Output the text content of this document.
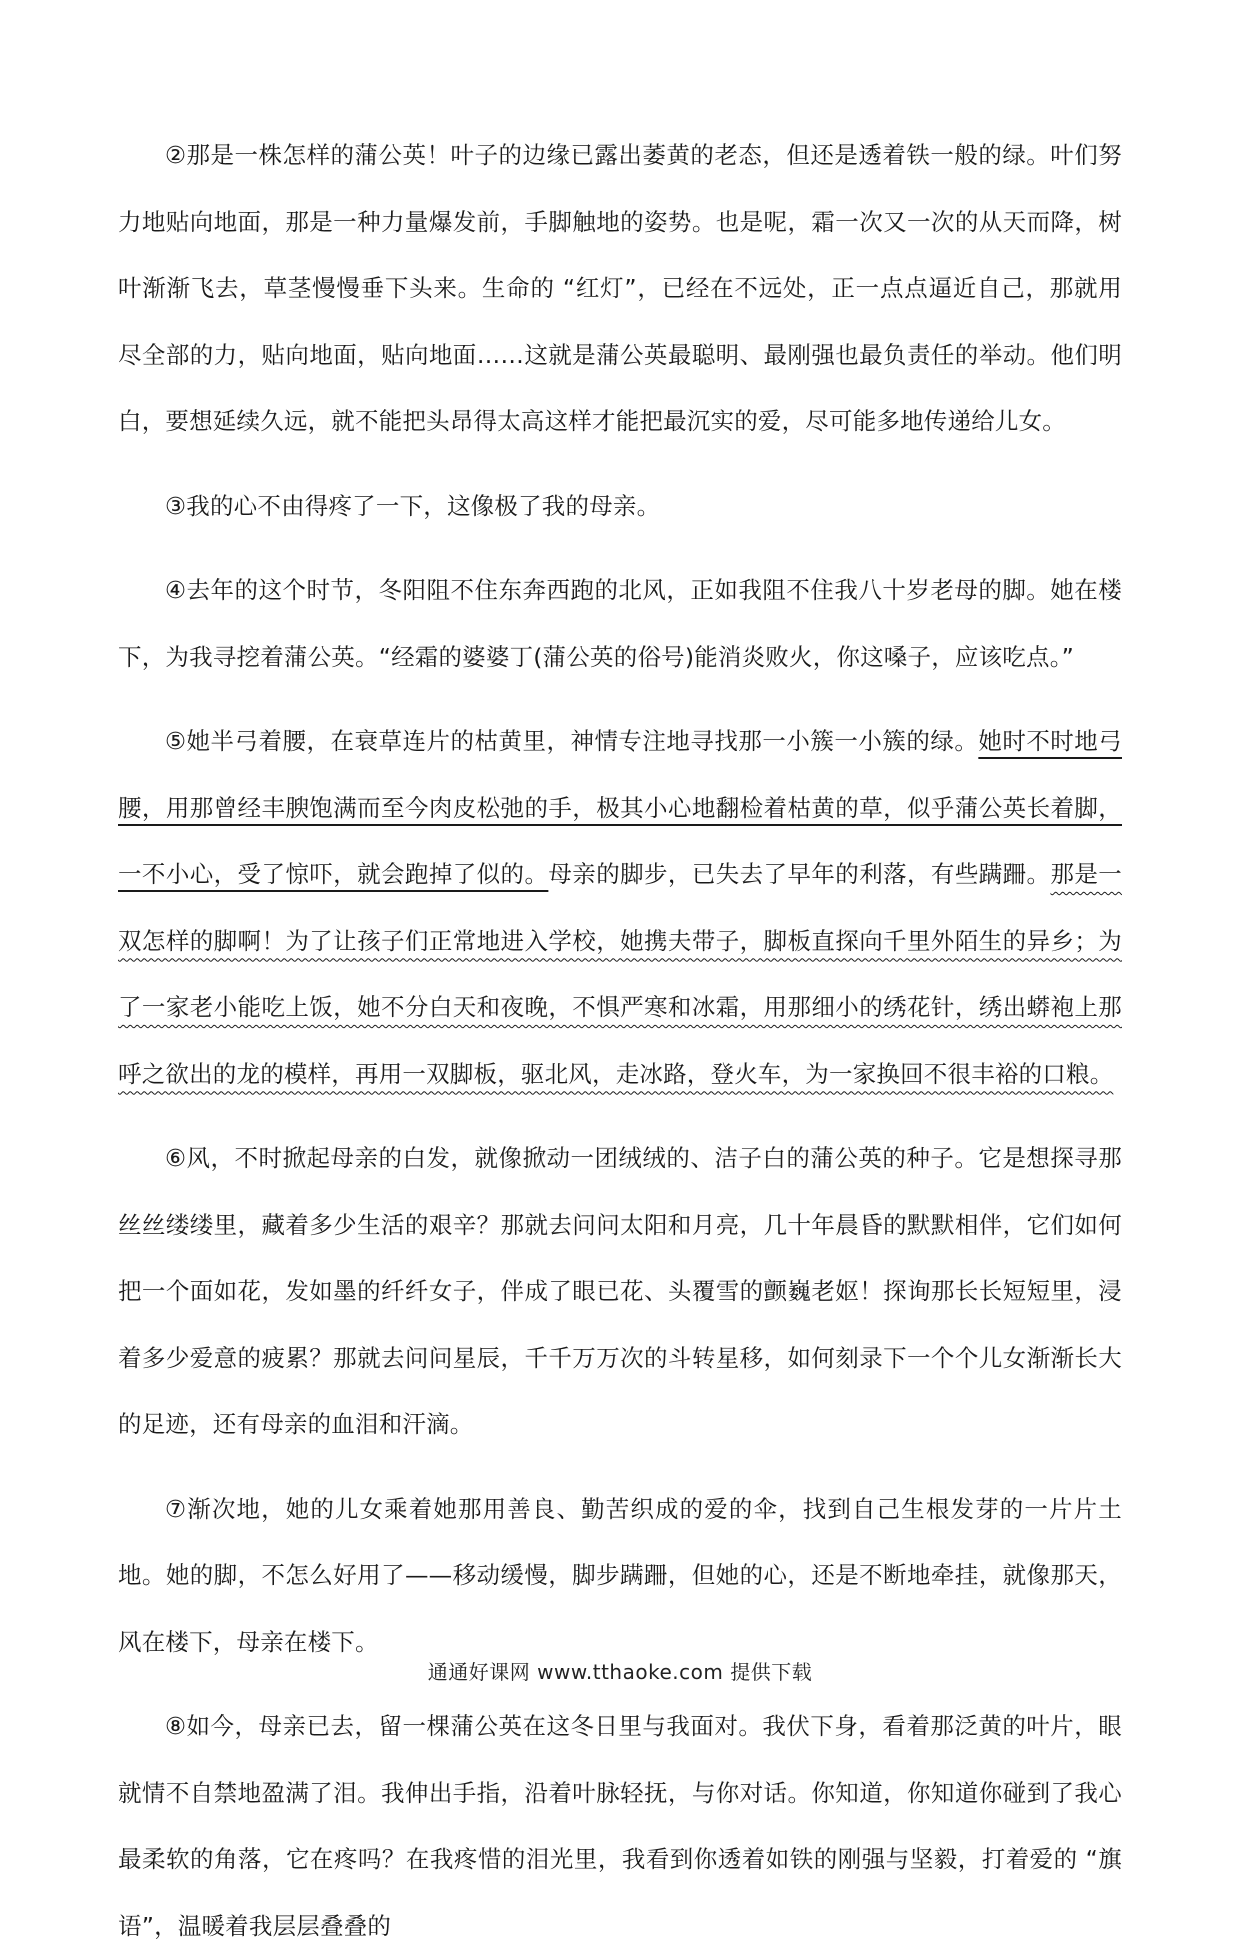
②那是一株怎样的蒲公英！叶子的边缘已露出萎黄的老态，但还是透着铁一般的绿。叶们努力地贴向地面，那是一种力量爆发前，手脚触地的姿势。也是呢，霜一次又一次的从天而降，树叶渐渐飞去，草茎慢慢垂下头来。生命的 “红灯”，已经在不远处，正一点点逼近自己，那就用尽全部的力，贴向地面，贴向地面……这就是蒲公英最聪明、最刚强也最负责任的举动。他们明白，要想延续久远，就不能把头昂得太高这样才能把最沉实的爱，尽可能多地传递给儿女。

③我的心不由得疼了一下，这像极了我的母亲。

④去年的这个时节，冬阳阻不住东奔西跑的北风，正如我阻不住我八十岁老母的脚。她在楼下，为我寻挖着蒲公英。“经霜的婆婆丁(蒲公英的俗号)能消炎败火，你这嗓子，应该吃点。”

⑤她半弓着腰，在衰草连片的枯黄里，神情专注地寻找那一小簇一小簇的绿。她时不时地弓腰，用那曾经丰腴饱满而至今肉皮松弛的手，极其小心地翻检着枯黄的草，似乎蒲公英长着脚，一不小心，受了惊吓，就会跑掉了似的。母亲的脚步，已失去了早年的利落，有些蹒跚。那是一双怎样的脚啊！为了让孩子们正常地进入学校，她携夫带子，脚板直探向千里外陌生的异乡；为了一家老小能吃上饭，她不分白天和夜晚，不惧严寒和冰霜，用那细小的绣花针，绣出蟒袍上那呼之欲出的龙的模样，再用一双脚板，驱北风，走冰路，登火车，为一家换回不很丰裕的口粮。

⑥风，不时掀起母亲的白发，就像掀动一团绒绒的、洁子白的蒲公英的种子。它是想探寻那丝丝缕缕里，藏着多少生活的艰辛？那就去问问太阳和月亮，几十年晨昏的默默相伴，它们如何把一个面如花，发如墨的纤纤女子，伴成了眼已花、头覆雪的颤巍老妪！探询那长长短短里，浸着多少爱意的疲累？那就去问问星辰，千千万万次的斗转星移，如何刻录下一个个儿女渐渐长大的足迹，还有母亲的血泪和汗滴。

⑦渐次地，她的儿女乘着她那用善良、勤苦织成的爱的伞，找到自己生根发芽的一片片土地。她的脚，不怎么好用了——移动缓慢，脚步蹒跚，但她的心，还是不断地牵挂，就像那天，风在楼下，母亲在楼下。

⑧如今，母亲已去，留一棵蒲公英在这冬日里与我面对。我伏下身，看着那泛黄的叶片，眼就情不自禁地盈满了泪。我伸出手指，沿着叶脉轻抚，与你对话。你知道，你知道你碰到了我心最柔软的角落，它在疼吗？在我疼惜的泪光里，我看到你透着如铁的刚强与坚毅，打着爱的 “旗语”，温暖着我层层叠叠的

通通好课网 www.tthaoke.com 提供下载
